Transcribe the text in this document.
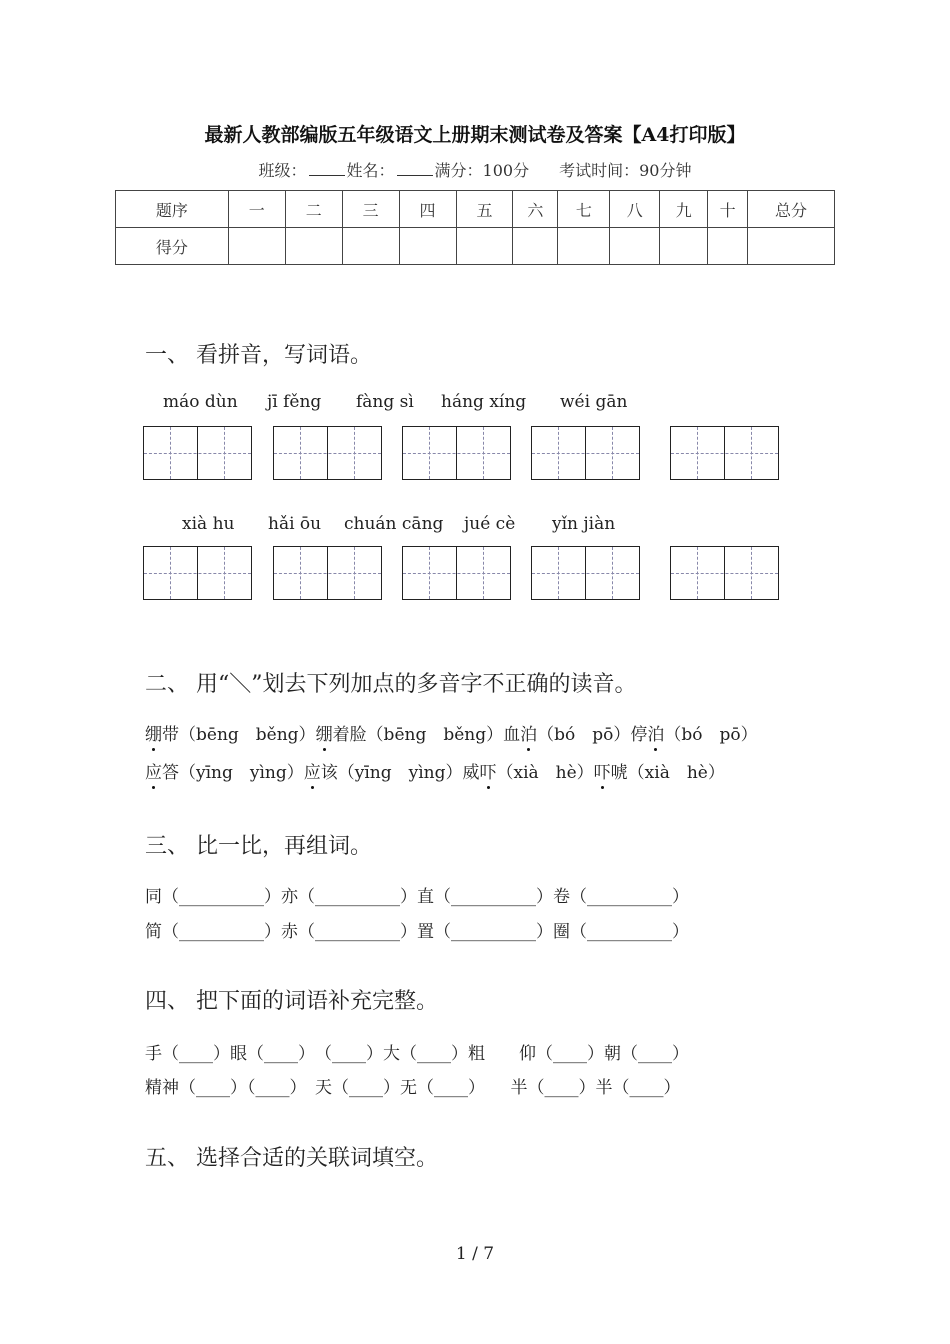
最新人教部编版五年级语文上册期末测试卷及答案【A4打印版】
班级：	姓名：	满分：100分 考试时间：90分钟
题序	一	二	三	四	五	六	七	八	九	十	总分
得分											
一、 看拼音，写词语。
máo dùn jī fěng fàng sì háng xíng wéi gān
xià hu hǎi ōu chuán cāng jué cè yǐn jiàn
二、 用“＼”划去下列加点的多音字不正确的读音。
绷带（bēng　běng）绷着脸（bēng　běng）血泊（bó　pō）停泊（bó　pō）
应答（yīng　yìng）应该（yīng　yìng）威吓（xià　hè）吓唬（xià　hè）
三、 比一比，再组词。
同（__________）亦（__________）直（__________）卷（__________）
简（__________）赤（__________）置（__________）圈（__________）
四、 把下面的词语补充完整。
手（____）眼（____）　（____）大（____）粗　　仰（____）朝（____）
精神（____）（____）　天（____）无（____）　　半（____）半（____）
五、 选择合适的关联词填空。
1 / 7
